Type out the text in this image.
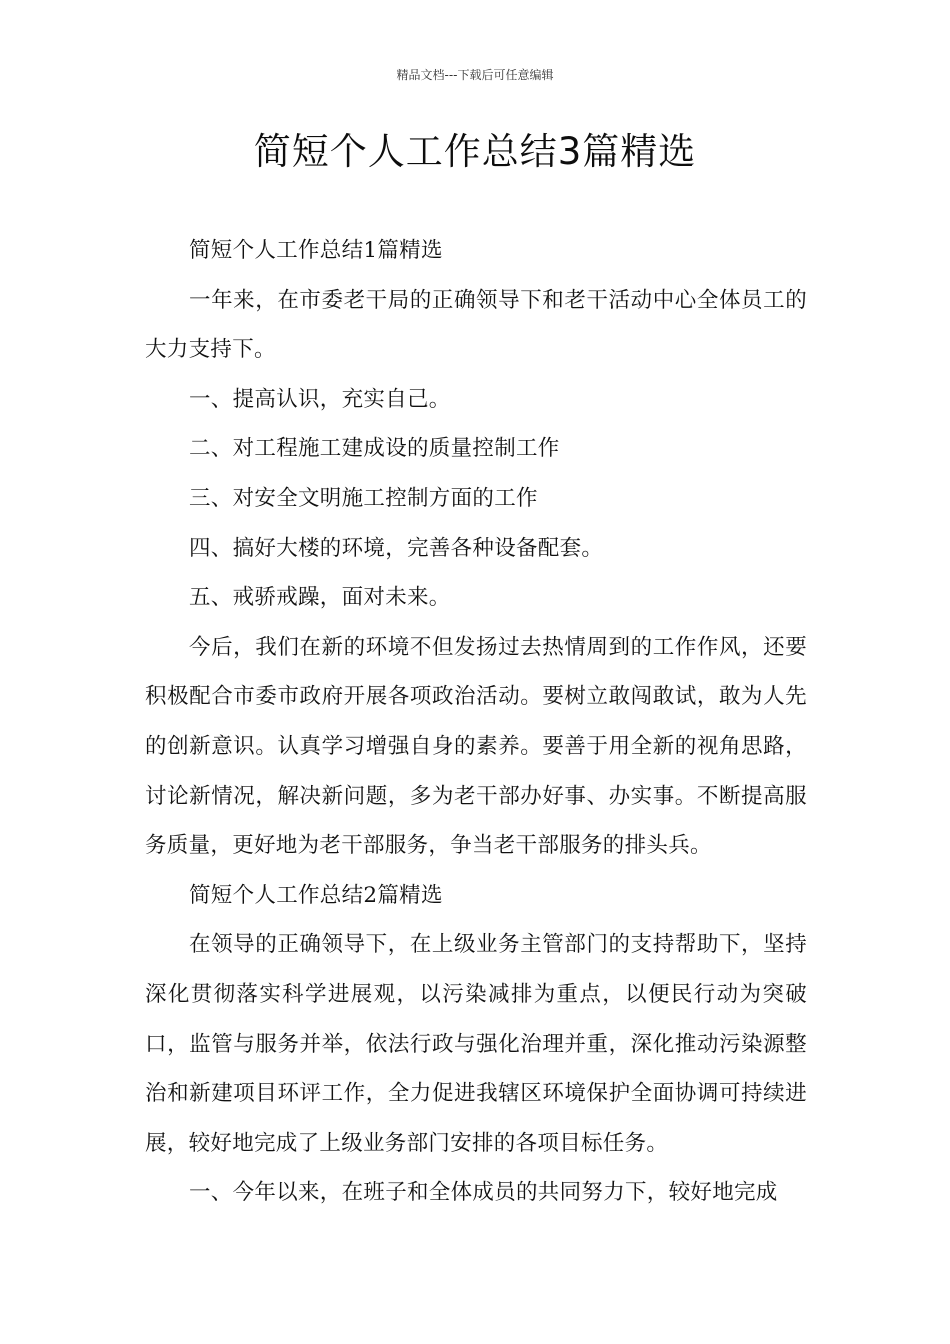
精品文档---下载后可任意编辑
简短个人工作总结3篇精选

简短个人工作总结1篇精选

一年来，在市委老干局的正确领导下和老干活动中心全体员工的大力支持下。

一、提高认识，充实自己。

二、对工程施工建成设的质量控制工作

三、对安全文明施工控制方面的工作

四、搞好大楼的环境，完善各种设备配套。

五、戒骄戒躁，面对未来。

今后，我们在新的环境不但发扬过去热情周到的工作作风，还要积极配合市委市政府开展各项政治活动。要树立敢闯敢试，敢为人先的创新意识。认真学习增强自身的素养。要善于用全新的视角思路，讨论新情况，解决新问题，多为老干部办好事、办实事。不断提高服务质量，更好地为老干部服务，争当老干部服务的排头兵。

简短个人工作总结2篇精选

在领导的正确领导下，在上级业务主管部门的支持帮助下，坚持深化贯彻落实科学进展观，以污染减排为重点，以便民行动为突破口，监管与服务并举，依法行政与强化治理并重，深化推动污染源整治和新建项目环评工作，全力促进我辖区环境保护全面协调可持续进展，较好地完成了上级业务部门安排的各项目标任务。

一、今年以来，在班子和全体成员的共同努力下，较好地完成
